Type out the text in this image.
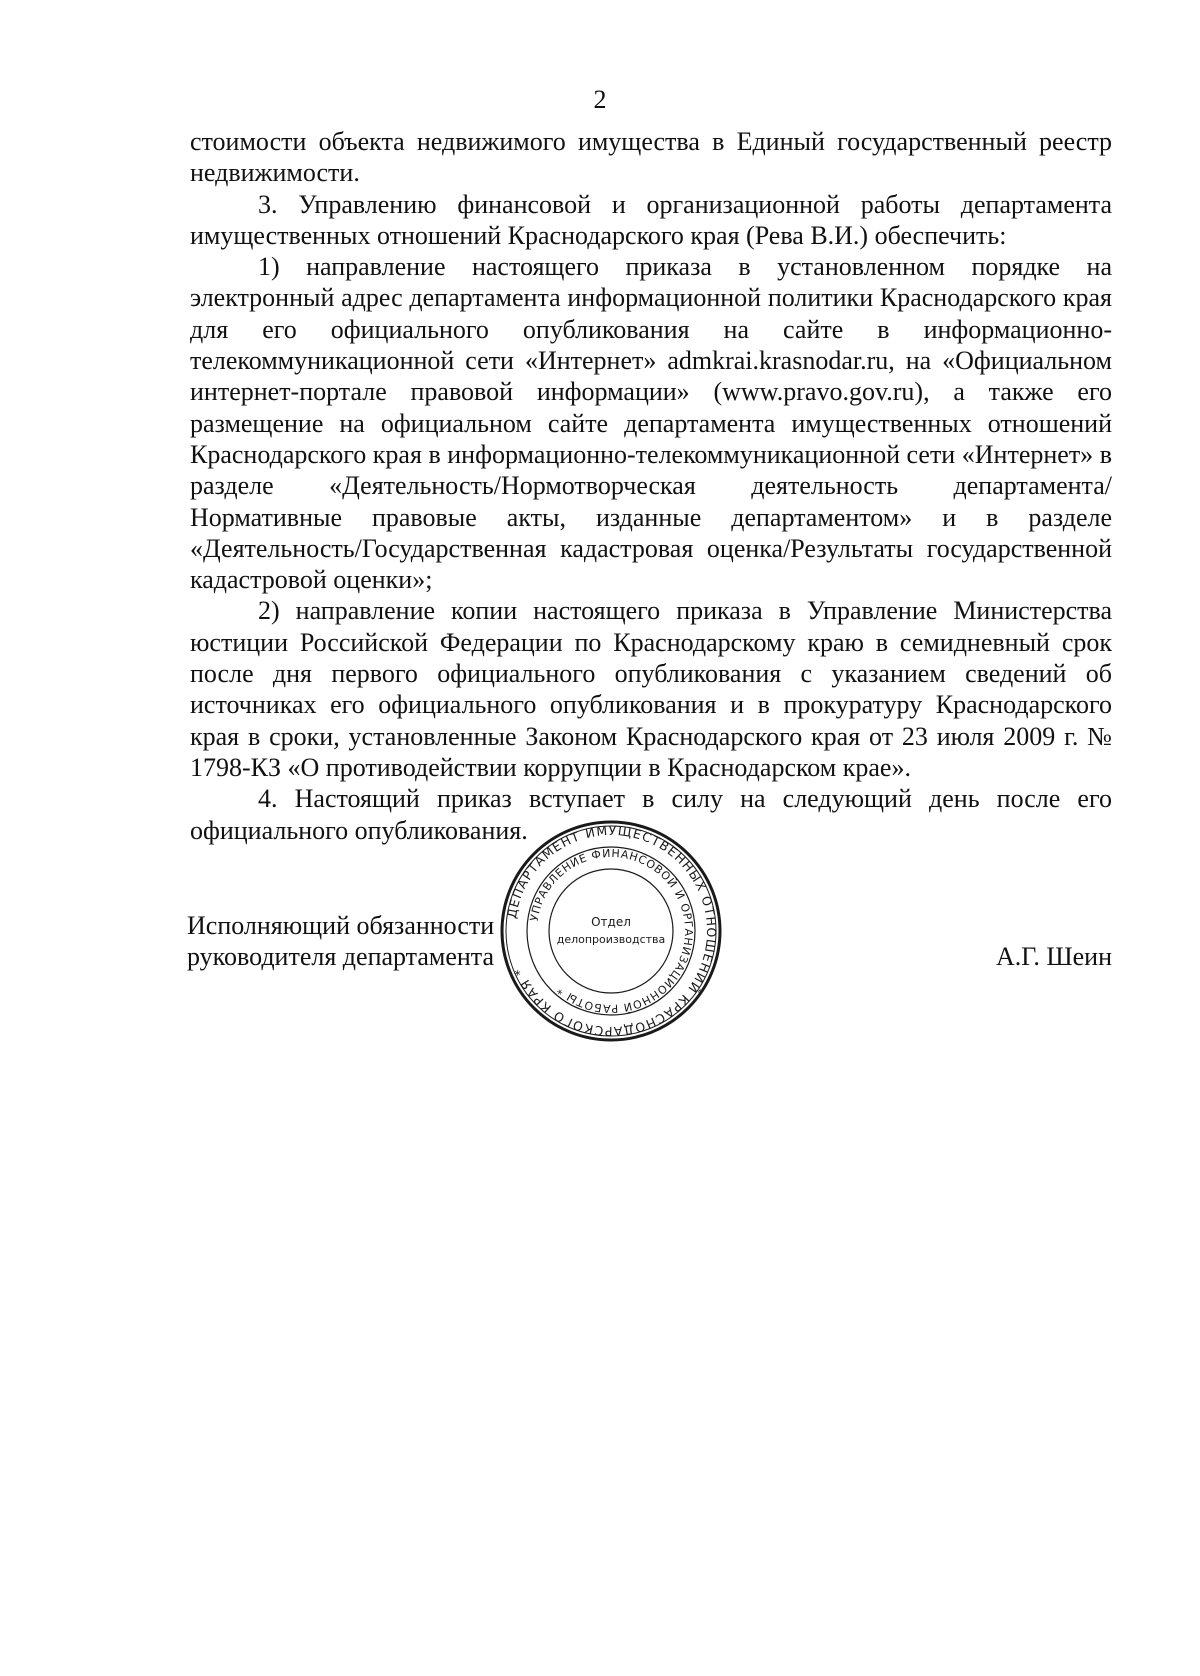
2

стоимости объекта недвижимого имущества в Единый государственный реестр недвижимости.

3. Управлению финансовой и организационной работы департамента имущественных отношений Краснодарского края (Рева В.И.) обеспечить:

1) направление настоящего приказа в установленном порядке на электронный адрес департамента информационной политики Краснодарского края для его официального опубликования на сайте в информационно-телекоммуникационной сети «Интернет» admkrai.krasnodar.ru, на «Официальном интернет-портале правовой информации» (www.pravo.gov.ru), а также его размещение на официальном сайте департамента имущественных отношений Краснодарского края в информационно-телекоммуникационной сети «Интернет» в разделе «Деятельность/Нормотворческая деятельность департамента/Нормативные правовые акты, изданные департаментом» и в разделе «Деятельность/Государственная кадастровая оценка/Результаты государственной кадастровой оценки»;

2) направление копии настоящего приказа в Управление Министерства юстиции Российской Федерации по Краснодарскому краю в семидневный срок после дня первого официального опубликования с указанием сведений об источниках его официального опубликования и в прокуратуру Краснодарского края в сроки, установленные Законом Краснодарского края от 23 июля 2009 г. № 1798-КЗ «О противодействии коррупции в Краснодарском крае».

4. Настоящий приказ вступает в силу на следующий день после его официального опубликования.

Исполняющий обязанности
руководителя департамента	А.Г. Шеин
ДЕПАРТАМЕНТ ИМУЩЕСТВЕННЫХ ОТНОШЕНИЙ КРАСНОДАРСКОГО КРАЯ *
УПРАВЛЕНИЕ ФИНАНСОВОЙ И ОРГАНИЗАЦИОННОЙ РАБОТЫ *
Отдел
делопроизводства
